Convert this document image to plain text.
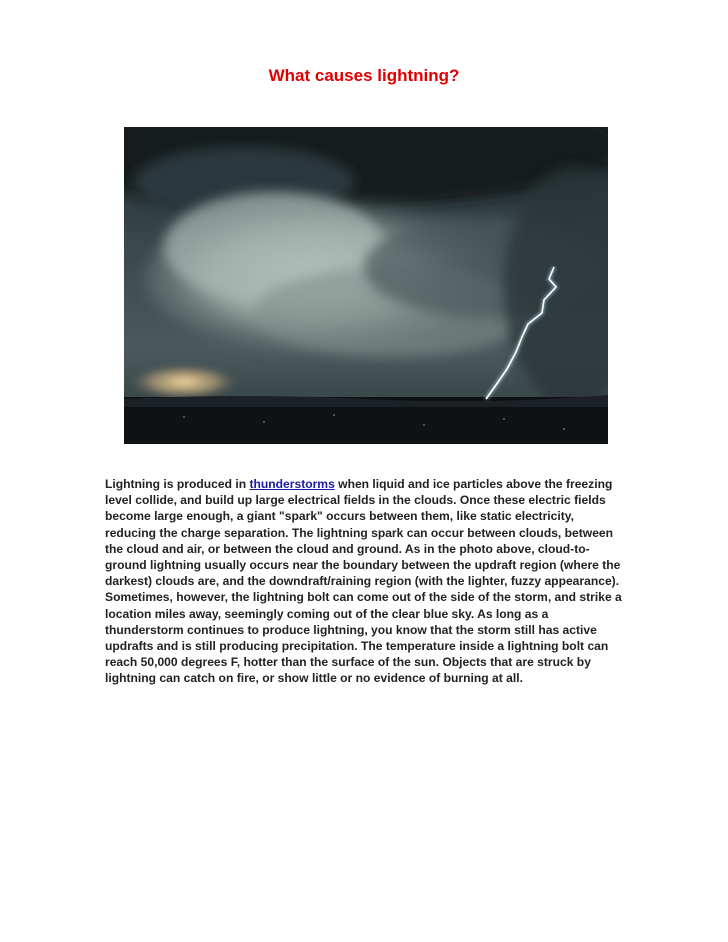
What causes lightning?

Lightning is produced in thunderstorms when liquid and ice particles above the freezing level collide, and build up large electrical fields in the clouds. Once these electric fields become large enough, a giant "spark" occurs between them, like static electricity, reducing the charge separation. The lightning spark can occur between clouds, between the cloud and air, or between the cloud and ground. As in the photo above, cloud-to-ground lightning usually occurs near the boundary between the updraft region (where the darkest) clouds are, and the downdraft/raining region (with the lighter, fuzzy appearance). Sometimes, however, the lightning bolt can come out of the side of the storm, and strike a location miles away, seemingly coming out of the clear blue sky. As long as a thunderstorm continues to produce lightning, you know that the storm still has active updrafts and is still producing precipitation. The temperature inside a lightning bolt can reach 50,000 degrees F, hotter than the surface of the sun. Objects that are struck by lightning can catch on fire, or show little or no evidence of burning at all.
